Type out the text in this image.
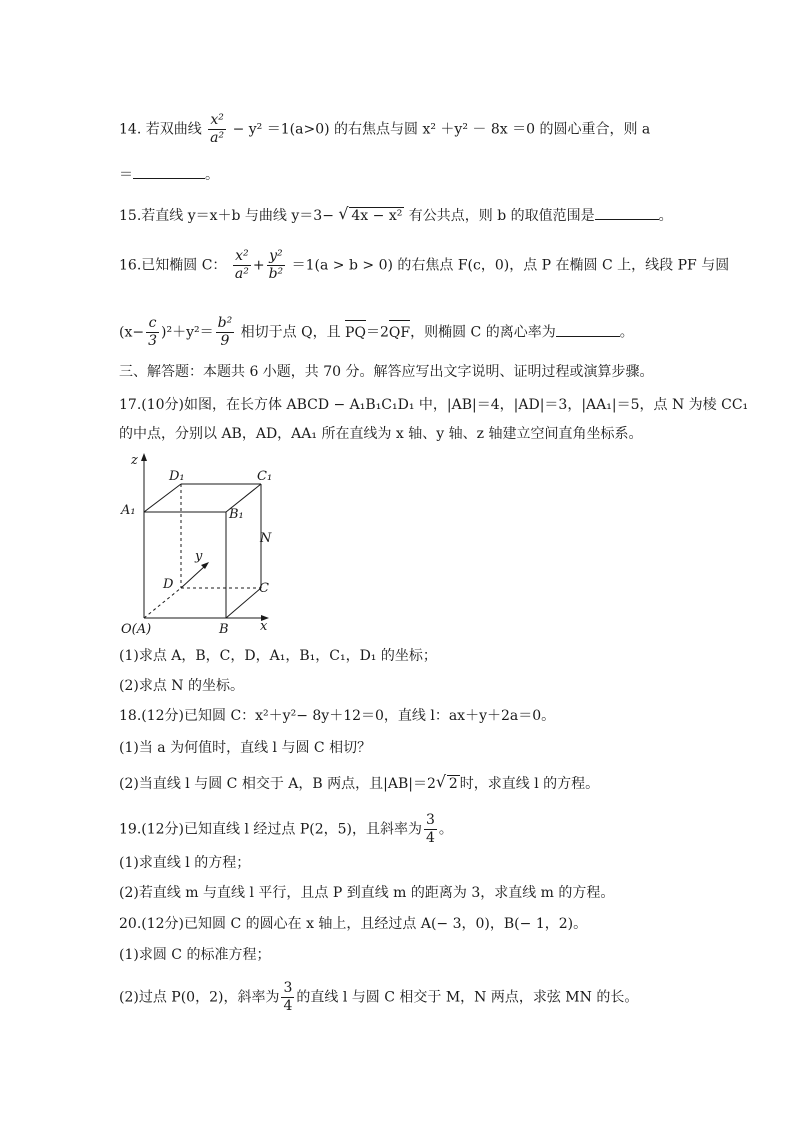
14. 若双曲线 $\frac{\text{x²}}{\text{a²}} - y^2 =1(a>0)$ 的右焦点与圆 x² ＋y² － 8x ＝0 的圆心重合，则 a
＝	。
15.若直线 y＝x＋b 与曲线 y＝3− √ 4x − x² 有公共点，则 b 的取值范围是	。
16.已知椭圆 C： $\frac{\text{x²}}{\text{a²}} + \frac{\text{y²}}{\text{b²}} =1(a > b > 0)$ 的右焦点 F(c，0)，点 P 在椭圆 C 上，线段 PF 与圆
$(x- \frac{c}{3} )^2+y^2= \frac{\text{b²}}{9}$ 相切于点 Q，且 PQ＝2QF，则椭圆 C 的离心率为	。
三、解答题：本题共 6 小题，共 70 分。解答应写出文字说明、证明过程或演算步骤。
17.(10分)如图，在长方体 ABCD − A₁B₁C₁D₁ 中，|AB|＝4，|AD|＝3，|AA₁|＝5，点 N 为棱 CC₁
的中点，分别以 AB，AD，AA₁ 所在直线为 x 轴、y 轴、z 轴建立空间直角坐标系。
z
D₁	C₁
A₁	B₁
N
y
D	C
O(A)	B x
(1)求点 A，B，C，D，A₁，B₁，C₁，D₁ 的坐标；
(2)求点 N 的坐标。
18.(12分)已知圆 C：x²＋y²− 8y＋12＝0，直线 l：ax＋y＋2a＝0。
(1)当 a 为何值时，直线 l 与圆 C 相切？
(2)当直线 l 与圆 C 相交于 A，B 两点，且|AB|＝2 √ 2 时，求直线 l 的方程。
19.(12分)已知直线 l 经过点 P(2，5)，且斜率为 $\frac{3}{4}$ 。
(1)求直线 l 的方程；
(2)若直线 m 与直线 l 平行，且点 P 到直线 m 的距离为 3，求直线 m 的方程。
20.(12分)已知圆 C 的圆心在 x 轴上，且经过点 A(− 3，0)，B(− 1，2)。
(1)求圆 C 的标准方程；
(2)过点 P(0，2)，斜率为 $\frac{3}{4}$ 的直线 l 与圆 C 相交于 M，N 两点，求弦 MN 的长。
